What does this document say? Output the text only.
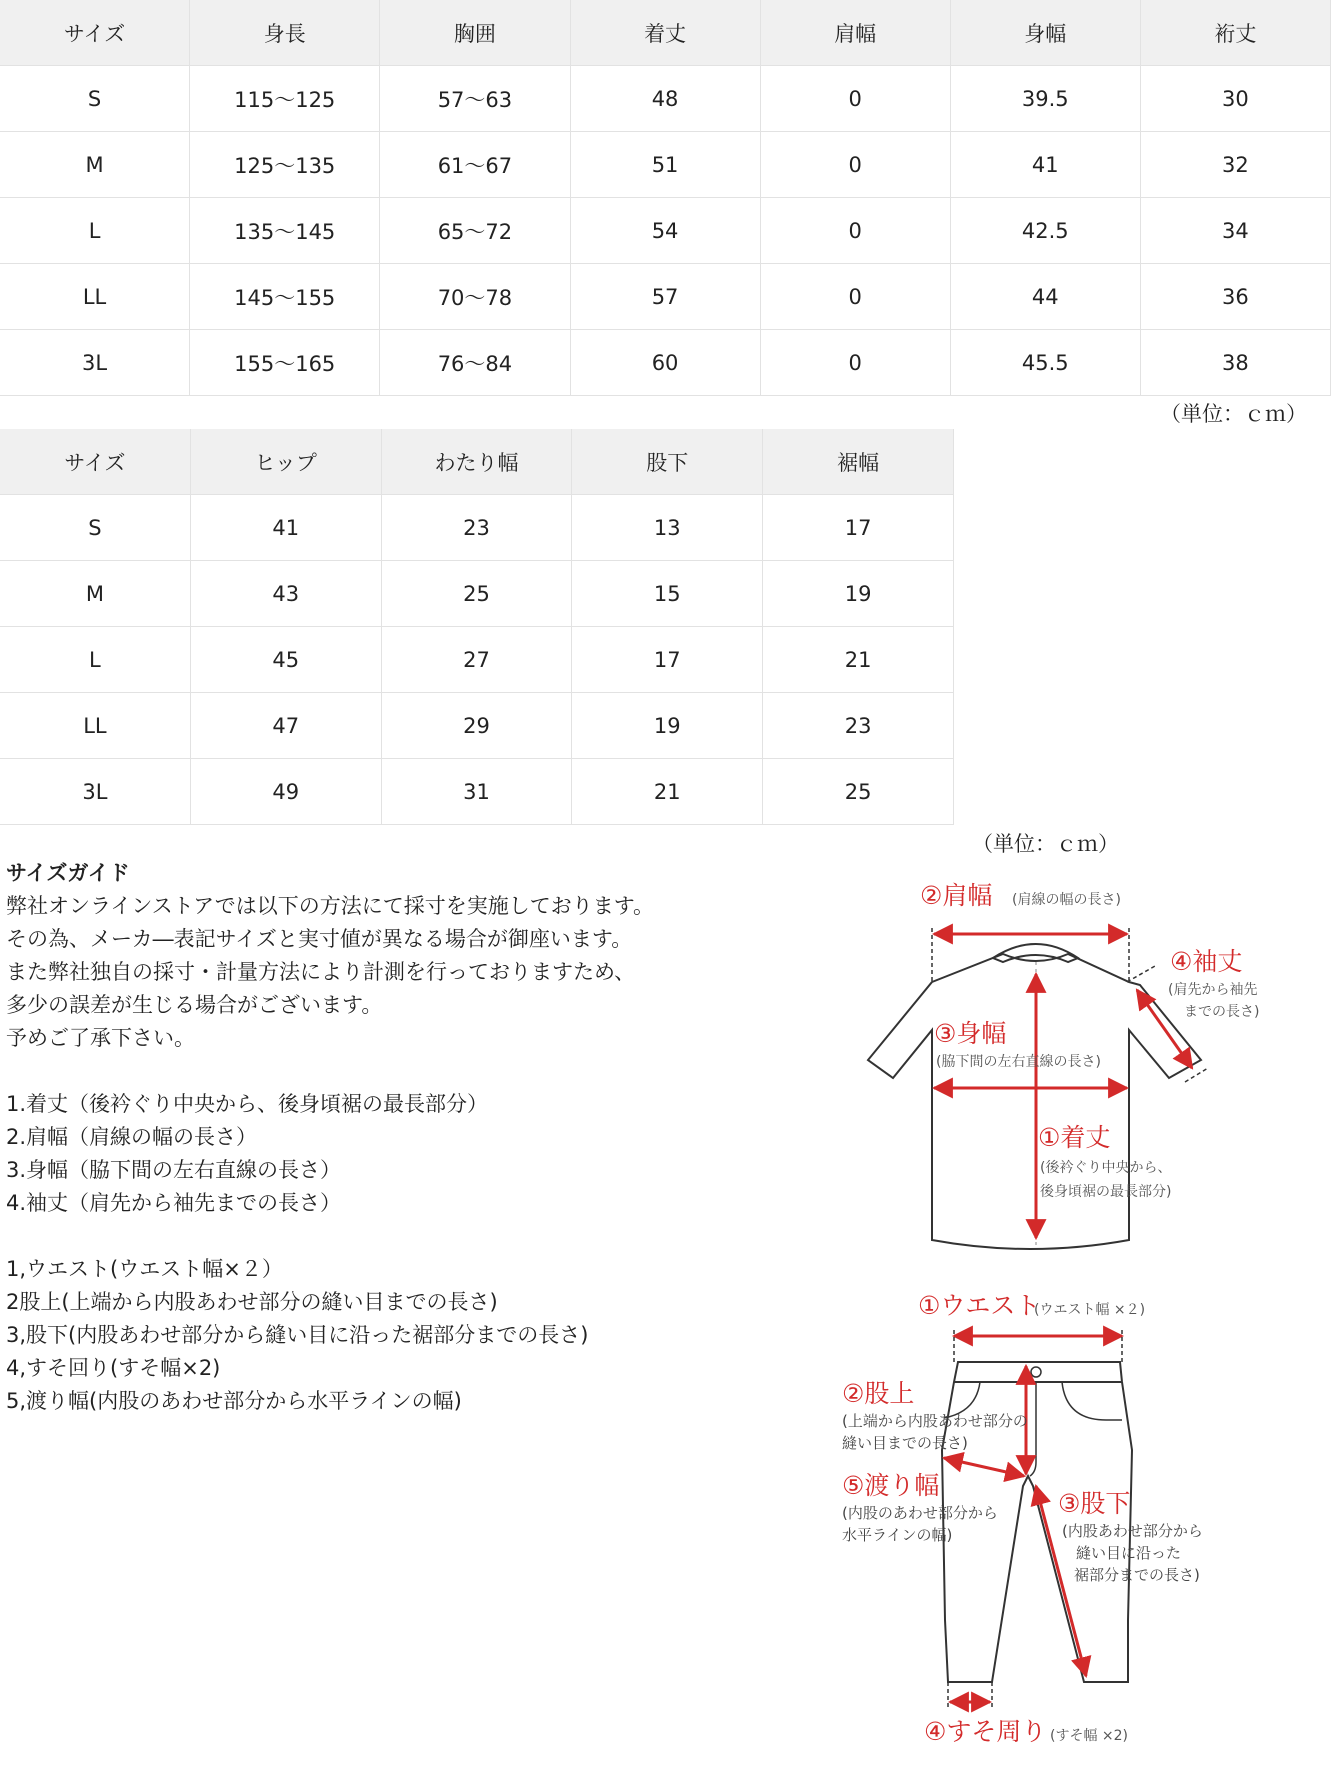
サイズ	身長	胸囲	着丈	肩幅	身幅	裄丈
S	115〜125	57〜63	48	0	39.5	30
M	125〜135	61〜67	51	0	41	32
L	135〜145	65〜72	54	0	42.5	34
LL	145〜155	70〜78	57	0	44	36
3L	155〜165	76〜84	60	0	45.5	38
（単位：ｃｍ）
サイズ	ヒップ	わたり幅	股下	裾幅
S	41	23	13	17
M	43	25	15	19
L	45	27	17	21
LL	47	29	19	23
3L	49	31	21	25
（単位：ｃｍ）
サイズガイド
弊社オンラインストアでは以下の方法にて採寸を実施しております。
その為、メーカ―表記サイズと実寸値が異なる場合が御座います。
また弊社独自の採寸・計量方法により計測を行っておりますため、
多少の誤差が生じる場合がございます。
予めご了承下さい。
1.着丈（後衿ぐり中央から、後身頃裾の最長部分）
2.肩幅（肩線の幅の長さ）
3.身幅（脇下間の左右直線の長さ）
4.袖丈（肩先から袖先までの長さ）
1,ウエスト(ウエスト幅×２）
2股上(上端から内股あわせ部分の縫い目までの長さ)
3,股下(内股あわせ部分から縫い目に沿った裾部分までの長さ)
4,すそ回り(すそ幅×2)
5,渡り幅(内股のあわせ部分から水平ラインの幅)
②肩幅 (肩線の幅の長さ)
④袖丈
(肩先から袖先
までの長さ)
③身幅
(脇下間の左右直線の長さ)
①着丈
(後衿ぐり中央から、
後身頃裾の最長部分)
①ウエスト
(ウエスト幅 ×２)
②股上
(上端から内股あわせ部分の
縫い目までの長さ)
⑤渡り幅
(内股のあわせ部分から
水平ラインの幅)
③股下
(内股あわせ部分から
縫い目に沿った
裾部分までの長さ)
④すそ周り (すそ幅 ×2)
